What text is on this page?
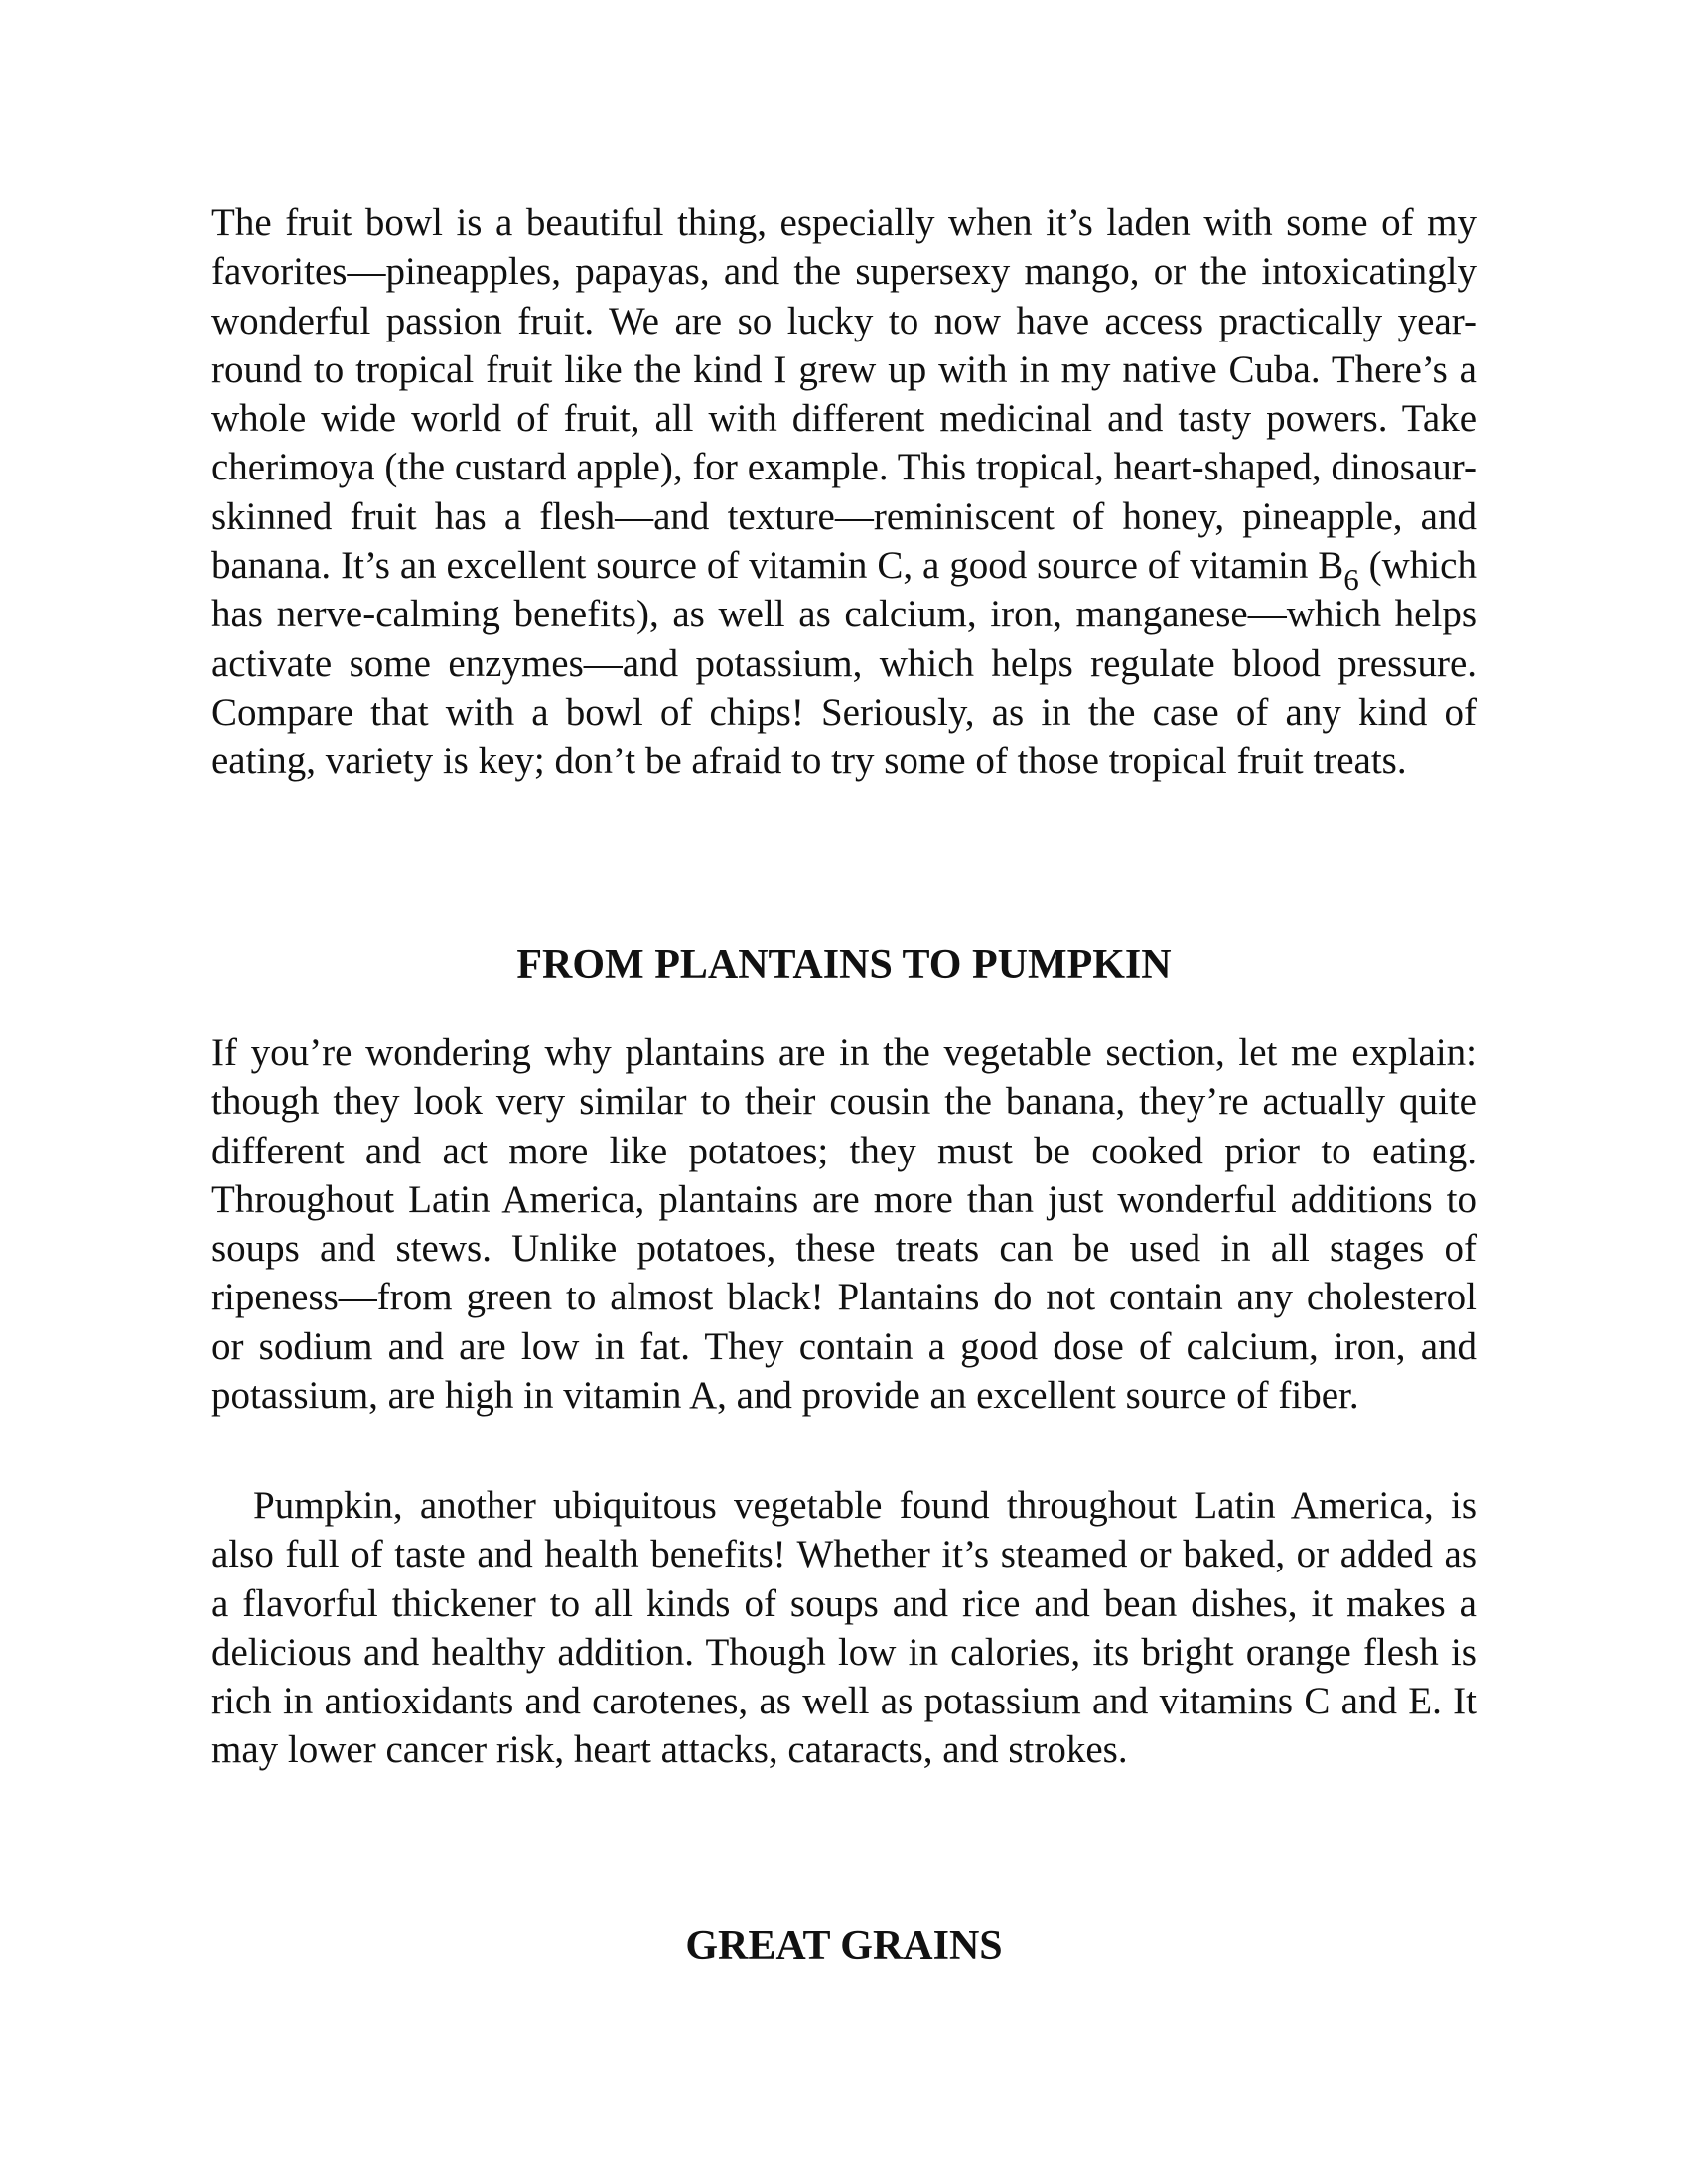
The fruit bowl is a beautiful thing, especially when it’s laden with some of my favorites—pineapples, papayas, and the supersexy mango, or the intoxicatingly wonderful passion fruit. We are so lucky to now have access practically year-round to tropical fruit like the kind I grew up with in my native Cuba. There’s a whole wide world of fruit, all with different medicinal and tasty powers. Take cherimoya (the custard apple), for example. This tropical, heart-shaped, dinosaur-skinned fruit has a flesh—and texture—reminiscent of honey, pineapple, and banana. It’s an excellent source of vitamin C, a good source of vitamin $B_6$ (which has nerve-calming benefits), as well as calcium, iron, manganese—which helps activate some enzymes—and potassium, which helps regulate blood pressure. Compare that with a bowl of chips! Seriously, as in the case of any kind of eating, variety is key; don’t be afraid to try some of those tropical fruit treats.

FROM PLANTAINS TO PUMPKIN

If you’re wondering why plantains are in the vegetable section, let me explain: though they look very similar to their cousin the banana, they’re actually quite different and act more like potatoes; they must be cooked prior to eating. Throughout Latin America, plantains are more than just wonderful additions to soups and stews. Unlike potatoes, these treats can be used in all stages of ripeness—from green to almost black! Plantains do not contain any cholesterol or sodium and are low in fat. They contain a good dose of calcium, iron, and potassium, are high in vitamin A, and provide an excellent source of fiber.

Pumpkin, another ubiquitous vegetable found throughout Latin America, is also full of taste and health benefits! Whether it’s steamed or baked, or added as a flavorful thickener to all kinds of soups and rice and bean dishes, it makes a delicious and healthy addition. Though low in calories, its bright orange flesh is rich in antioxidants and carotenes, as well as potassium and vitamins C and E. It may lower cancer risk, heart attacks, cataracts, and strokes.

GREAT GRAINS
